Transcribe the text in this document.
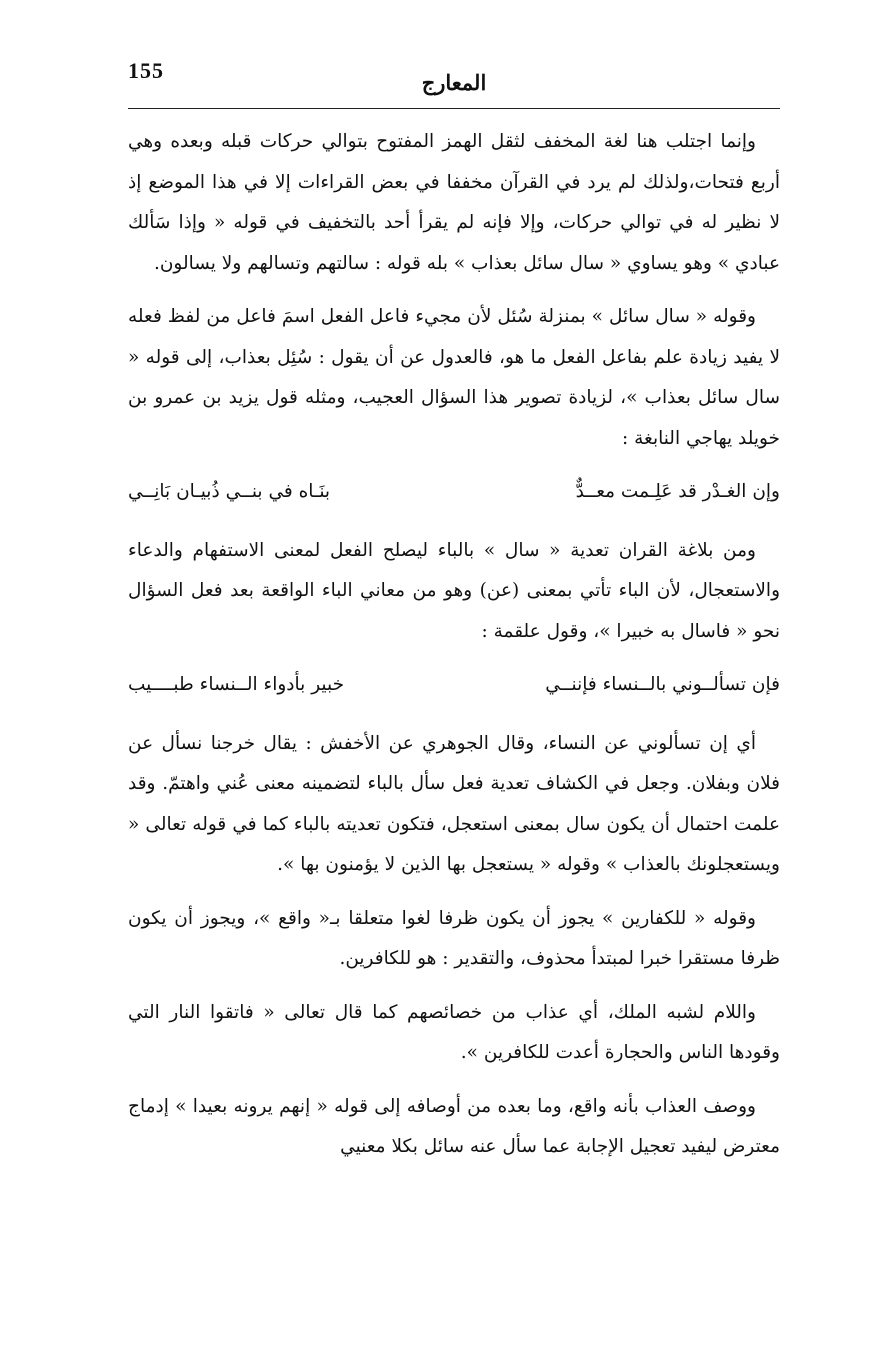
155	المعارج

وإنما اجتلب هنا لغة المخفف لثقل الهمز المفتوح بتوالي حركات قبله وبعده وهي أربع فتحات،ولذلك لم يرد في القرآن مخففا في بعض القراءات إلا في هذا الموضع إذ لا نظير له في توالي حركات، وإلا فإنه لم يقرأ أحد بالتخفيف في قوله « وإذا سَألك عبادي » وهو يساوي « سال سائل بعذاب » بله قوله : سالتهم وتسالهم ولا يسالون.

وقوله « سال سائل » بمنزلة سُئل لأن مجيء فاعل الفعل اسمَ فاعل من لفظ فعله لا يفيد زيادة علم بفاعل الفعل ما هو، فالعدول عن أن يقول : سُئِل بعذاب، إلى قوله « سال سائل بعذاب »، لزيادة تصوير هذا السؤال العجيب، ومثله قول يزيد بن عمرو بن خويلد يهاجي النابغة :

وإن الغـدْر قد عَلِـمت معــدٌّ
بنَـاه في بنــي ذُبيـان بَانِــي

ومن بلاغة القران تعدية « سال » بالباء ليصلح الفعل لمعنى الاستفهام والدعاء والاستعجال، لأن الباء تأتي بمعنى (عن) وهو من معاني الباء الواقعة بعد فعل السؤال نحو « فاسال به خبيرا »، وقول علقمة :

فإن تسألــوني بالــنساء فإننــي
خبير بأدواء الــنساء طبــــيب

أي إن تسألوني عن النساء، وقال الجوهري عن الأخفش : يقال خرجنا نسأل عن فلان وبفلان. وجعل في الكشاف تعدية فعل سأل بالباء لتضمينه معنى عُني واهتمّ. وقد علمت احتمال أن يكون سال بمعنى استعجل، فتكون تعديته بالباء كما في قوله تعالى « ويستعجلونك بالعذاب » وقوله « يستعجل بها الذين لا يؤمنون بها ».

وقوله « للكفارين » يجوز أن يكون ظرفا لغوا متعلقا بـ« واقع »، ويجوز أن يكون ظرفا مستقرا خبرا لمبتدأ محذوف، والتقدير : هو للكافرين.

واللام لشبه الملك، أي عذاب من خصائصهم كما قال تعالى « فاتقوا النار التي وقودها الناس والحجارة أعدت للكافرين ».

ووصف العذاب بأنه واقع، وما بعده من أوصافه إلى قوله « إنهم يرونه بعيدا » إدماج معترض ليفيد تعجيل الإجابة عما سأل عنه سائل بكلا معنيي
